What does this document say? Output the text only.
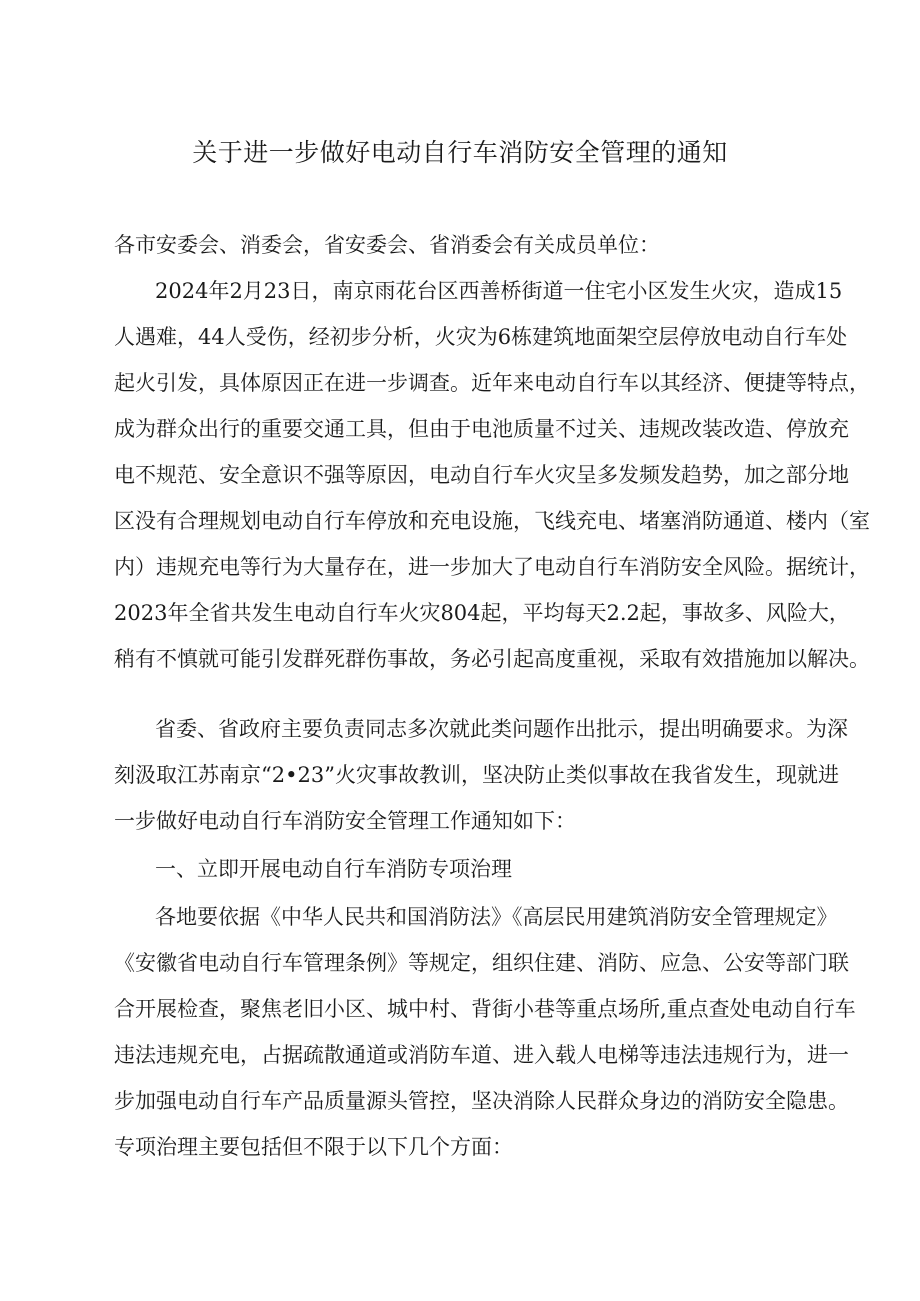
关于进一步做好电动自行车消防安全管理的通知
各市安委会、消委会，省安委会、省消委会有关成员单位：
2024年2月23日，南京雨花台区西善桥街道一住宅小区发生火灾，造成15
人遇难，44人受伤，经初步分析，火灾为6栋建筑地面架空层停放电动自行车处
起火引发，具体原因正在进一步调查。近年来电动自行车以其经济、便捷等特点，
成为群众出行的重要交通工具，但由于电池质量不过关、违规改装改造、停放充
电不规范、安全意识不强等原因，电动自行车火灾呈多发频发趋势，加之部分地
区没有合理规划电动自行车停放和充电设施，飞线充电、堵塞消防通道、楼内（室
内）违规充电等行为大量存在，进一步加大了电动自行车消防安全风险。据统计，
2023年全省共发生电动自行车火灾804起，平均每天2.2起，事故多、风险大，
稍有不慎就可能引发群死群伤事故，务必引起高度重视，采取有效措施加以解决。
省委、省政府主要负责同志多次就此类问题作出批示，提出明确要求。为深
刻汲取江苏南京“2•23”火灾事故教训，坚决防止类似事故在我省发生，现就进
一步做好电动自行车消防安全管理工作通知如下：
一、立即开展电动自行车消防专项治理
各地要依据《中华人民共和国消防法》《高层民用建筑消防安全管理规定》
《安徽省电动自行车管理条例》等规定，组织住建、消防、应急、公安等部门联
合开展检查，聚焦老旧小区、城中村、背街小巷等重点场所,重点查处电动自行车
违法违规充电，占据疏散通道或消防车道、进入载人电梯等违法违规行为，进一
步加强电动自行车产品质量源头管控，坚决消除人民群众身边的消防安全隐患。
专项治理主要包括但不限于以下几个方面：
